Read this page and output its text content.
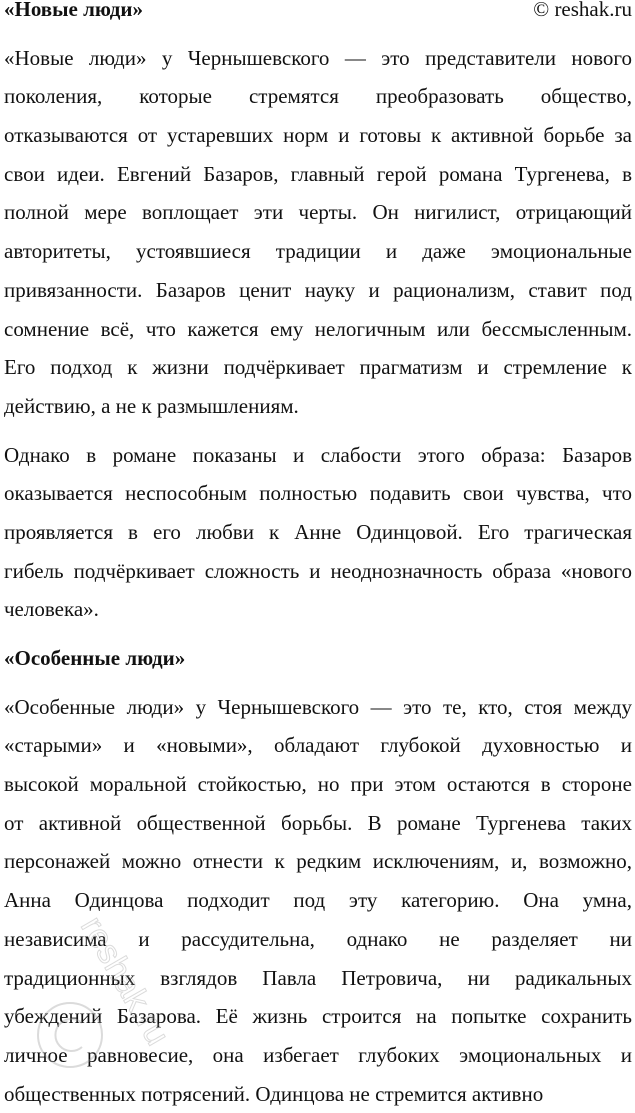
«Новые люди»	© reshak.ru
«Новые люди» у Чернышевского — это представители нового
поколения, которые стремятся преобразовать общество,
отказываются от устаревших норм и готовы к активной борьбе за
свои идеи. Евгений Базаров, главный герой романа Тургенева, в
полной мере воплощает эти черты. Он нигилист, отрицающий
авторитеты, устоявшиеся традиции и даже эмоциональные
привязанности. Базаров ценит науку и рационализм, ставит под
сомнение всё, что кажется ему нелогичным или бессмысленным.
Его подход к жизни подчёркивает прагматизм и стремление к
действию, а не к размышлениям.
Однако в романе показаны и слабости этого образа: Базаров
оказывается неспособным полностью подавить свои чувства, что
проявляется в его любви к Анне Одинцовой. Его трагическая
гибель подчёркивает сложность и неоднозначность образа «нового
человека».
«Особенные люди»
«Особенные люди» у Чернышевского — это те, кто, стоя между
«старыми» и «новыми», обладают глубокой духовностью и
высокой моральной стойкостью, но при этом остаются в стороне
от активной общественной борьбы. В романе Тургенева таких
персонажей можно отнести к редким исключениям, и, возможно,
Анна Одинцова подходит под эту категорию. Она умна,
независима и рассудительна, однако не разделяет ни
традиционных взглядов Павла Петровича, ни радикальных
убеждений Базарова. Её жизнь строится на попытке сохранить
личное равновесие, она избегает глубоких эмоциональных и
общественных потрясений. Одинцова не стремится активно
reshak.ru
